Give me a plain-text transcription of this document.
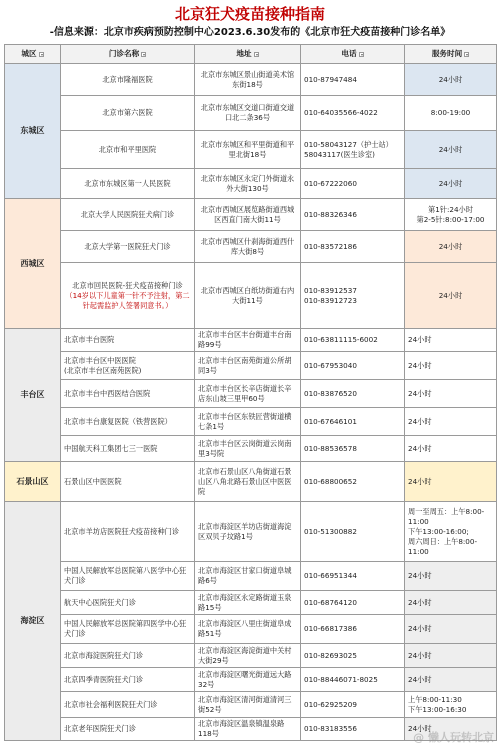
北京狂犬疫苗接种指南
-信息来源：北京市疾病预防控制中心2023.6.30发布的《北京市狂犬疫苗接种门诊名单》
城区	门诊名称	地址	电话	服务时间
东城区	北京市隆福医院	北京市东城区景山街道美术馆东街18号	010-87947484	24小时
	北京市第六医院	北京市东城区交道口街道交道口北二条36号	010-64035566-4022	8:00-19:00
	北京市和平里医院	北京市东城区和平里街道和平里北街18号	010-58043127（护士站）
58043117(医生诊室)	24小时
	北京市东城区第一人民医院	北京市东城区永定门外街道永外大街130号	010-67222060	24小时
西城区	北京大学人民医院狂犬病门诊	北京市西城区展览路街道西城区西直门南大街11号	010-88326346	第1针:24小时
第2-5针:8:00-17:00
	北京大学第一医院狂犬门诊	北京市西城区什刹海街道西什库大街8号	010-83572186	24小时
	北京市回民医院-狂犬疫苗接种门诊
（14岁以下儿童第一针不予注射，第二针起需监护人签署同意书。）	北京市西城区白纸坊街道右内大街11号	010-83912537
010-83912723	24小时
丰台区	北京市丰台医院	北京市丰台区丰台街道丰台南路99号	010-63811115-6002	24小时
	北京市丰台区中医医院
(北京市丰台区南苑医院)	北京市丰台区南苑街道公所胡同3号	010-67953040	24小时
	北京市丰台中西医结合医院	北京市丰台区长辛店街道长辛店东山坡三里甲60号	010-83876520	24小时
	北京市丰台康复医院（铁营医院）	北京市丰台区东铁匠营街道横七条1号	010-67646101	24小时
	中国航天科工集团七三一医院	北京市丰台区云岗街道云岗南里3号院	010-88536578	24小时
石景山区	石景山区中医医院	北京市石景山区八角街道石景山区八角北路石景山区中医医院	010-68800652	24小时
海淀区	北京市羊坊店医院狂犬疫苗接种门诊	北京市海淀区羊坊店街道海淀区双贝子坟路1号	010-51300882	周一至周五：上午8:00-11:00
下午13:00-16:00;
周六周日：上午8:00-11:00
	中国人民解放军总医院第八医学中心狂犬门诊	北京市海淀区甘家口街道阜城路6号	010-66951344	24小时
	航天中心医院狂犬门诊	北京市海淀区永定路街道玉泉路15号	010-68764120	24小时
	中国人民解放军总医院第四医学中心狂犬门诊	北京市海淀区八里庄街道阜成路51号	010-66817386	24小时
	北京市海淀医院狂犬门诊	北京市海淀区海淀街道中关村大街29号	010-82693025	24小时
	北京四季青医院狂犬门诊	北京市海淀区曙光街道远大路32号	010-88446071-8025	24小时
	北京市社会福利医院狂犬门诊	北京市海淀区清河街道清河三街52号	010-62925209	上午8:00-11:30
下午13:00-16:30
	北京老年医院狂犬门诊	北京市海淀区温泉镇温泉路118号	010-83183556	24小时
@ 懒人玩转北京
